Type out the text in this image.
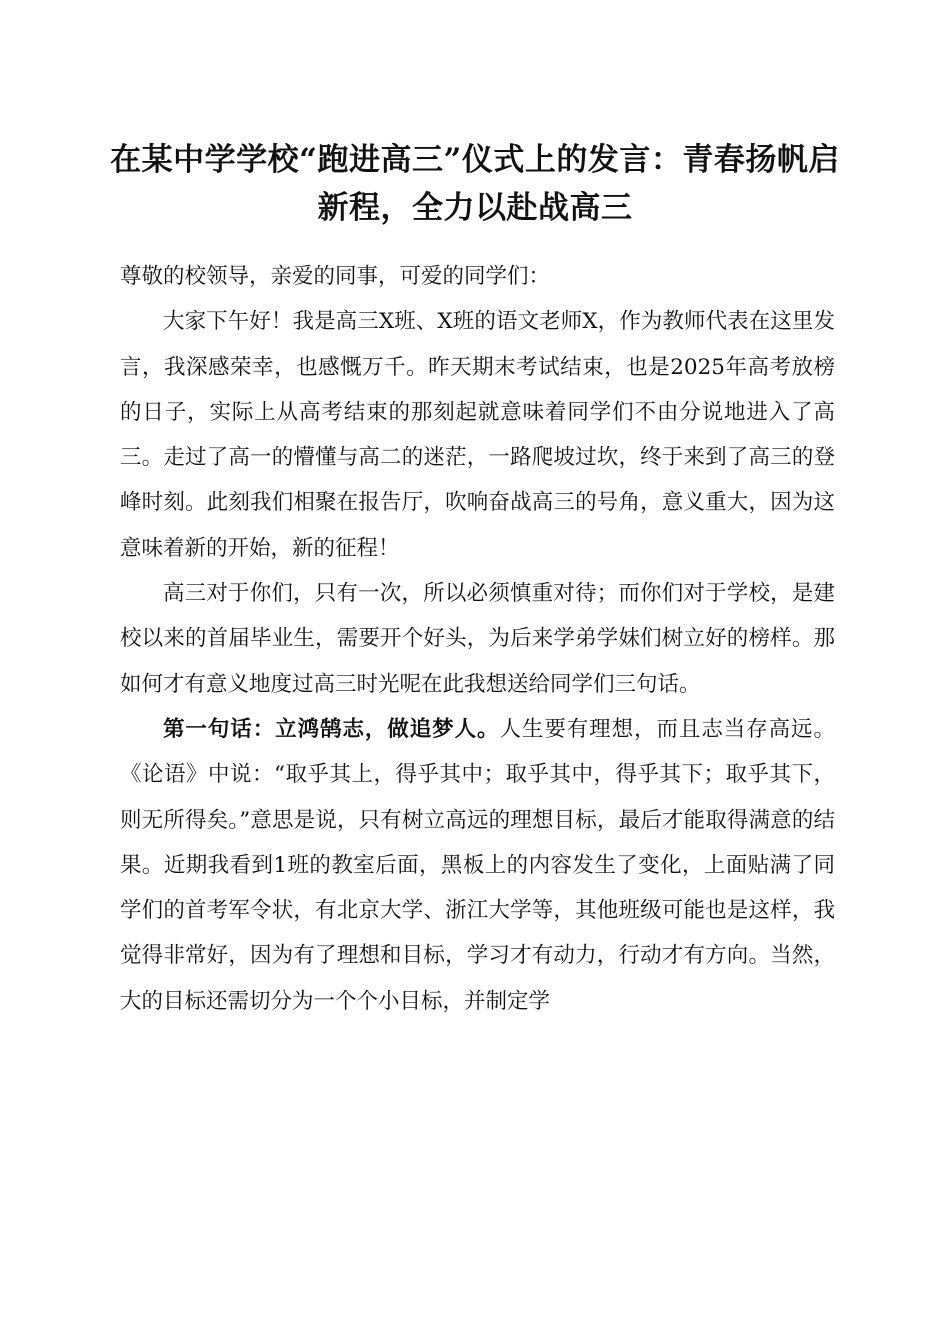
在某中学学校“跑进高三”仪式上的发言：青春扬帆启新程，全力以赴战高三

尊敬的校领导，亲爱的同事，可爱的同学们：

大家下午好！我是高三X班、X班的语文老师X，作为教师代表在这里发言，我深感荣幸，也感慨万千。昨天期末考试结束，也是2025年高考放榜的日子，实际上从高考结束的那刻起就意味着同学们不由分说地进入了高三。走过了高一的懵懂与高二的迷茫，一路爬坡过坎，终于来到了高三的登峰时刻。此刻我们相聚在报告厅，吹响奋战高三的号角，意义重大，因为这意味着新的开始，新的征程！

高三对于你们，只有一次，所以必须慎重对待；而你们对于学校，是建校以来的首届毕业生，需要开个好头，为后来学弟学妹们树立好的榜样。那如何才有意义地度过高三时光呢在此我想送给同学们三句话。

第一句话：立鸿鹄志，做追梦人。人生要有理想，而且志当存高远。《论语》中说：“取乎其上，得乎其中；取乎其中，得乎其下；取乎其下，则无所得矣。”意思是说，只有树立高远的理想目标，最后才能取得满意的结果。近期我看到1班的教室后面，黑板上的内容发生了变化，上面贴满了同学们的首考军令状，有北京大学、浙江大学等，其他班级可能也是这样，我觉得非常好，因为有了理想和目标，学习才有动力，行动才有方向。当然，大的目标还需切分为一个个小目标，并制定学
